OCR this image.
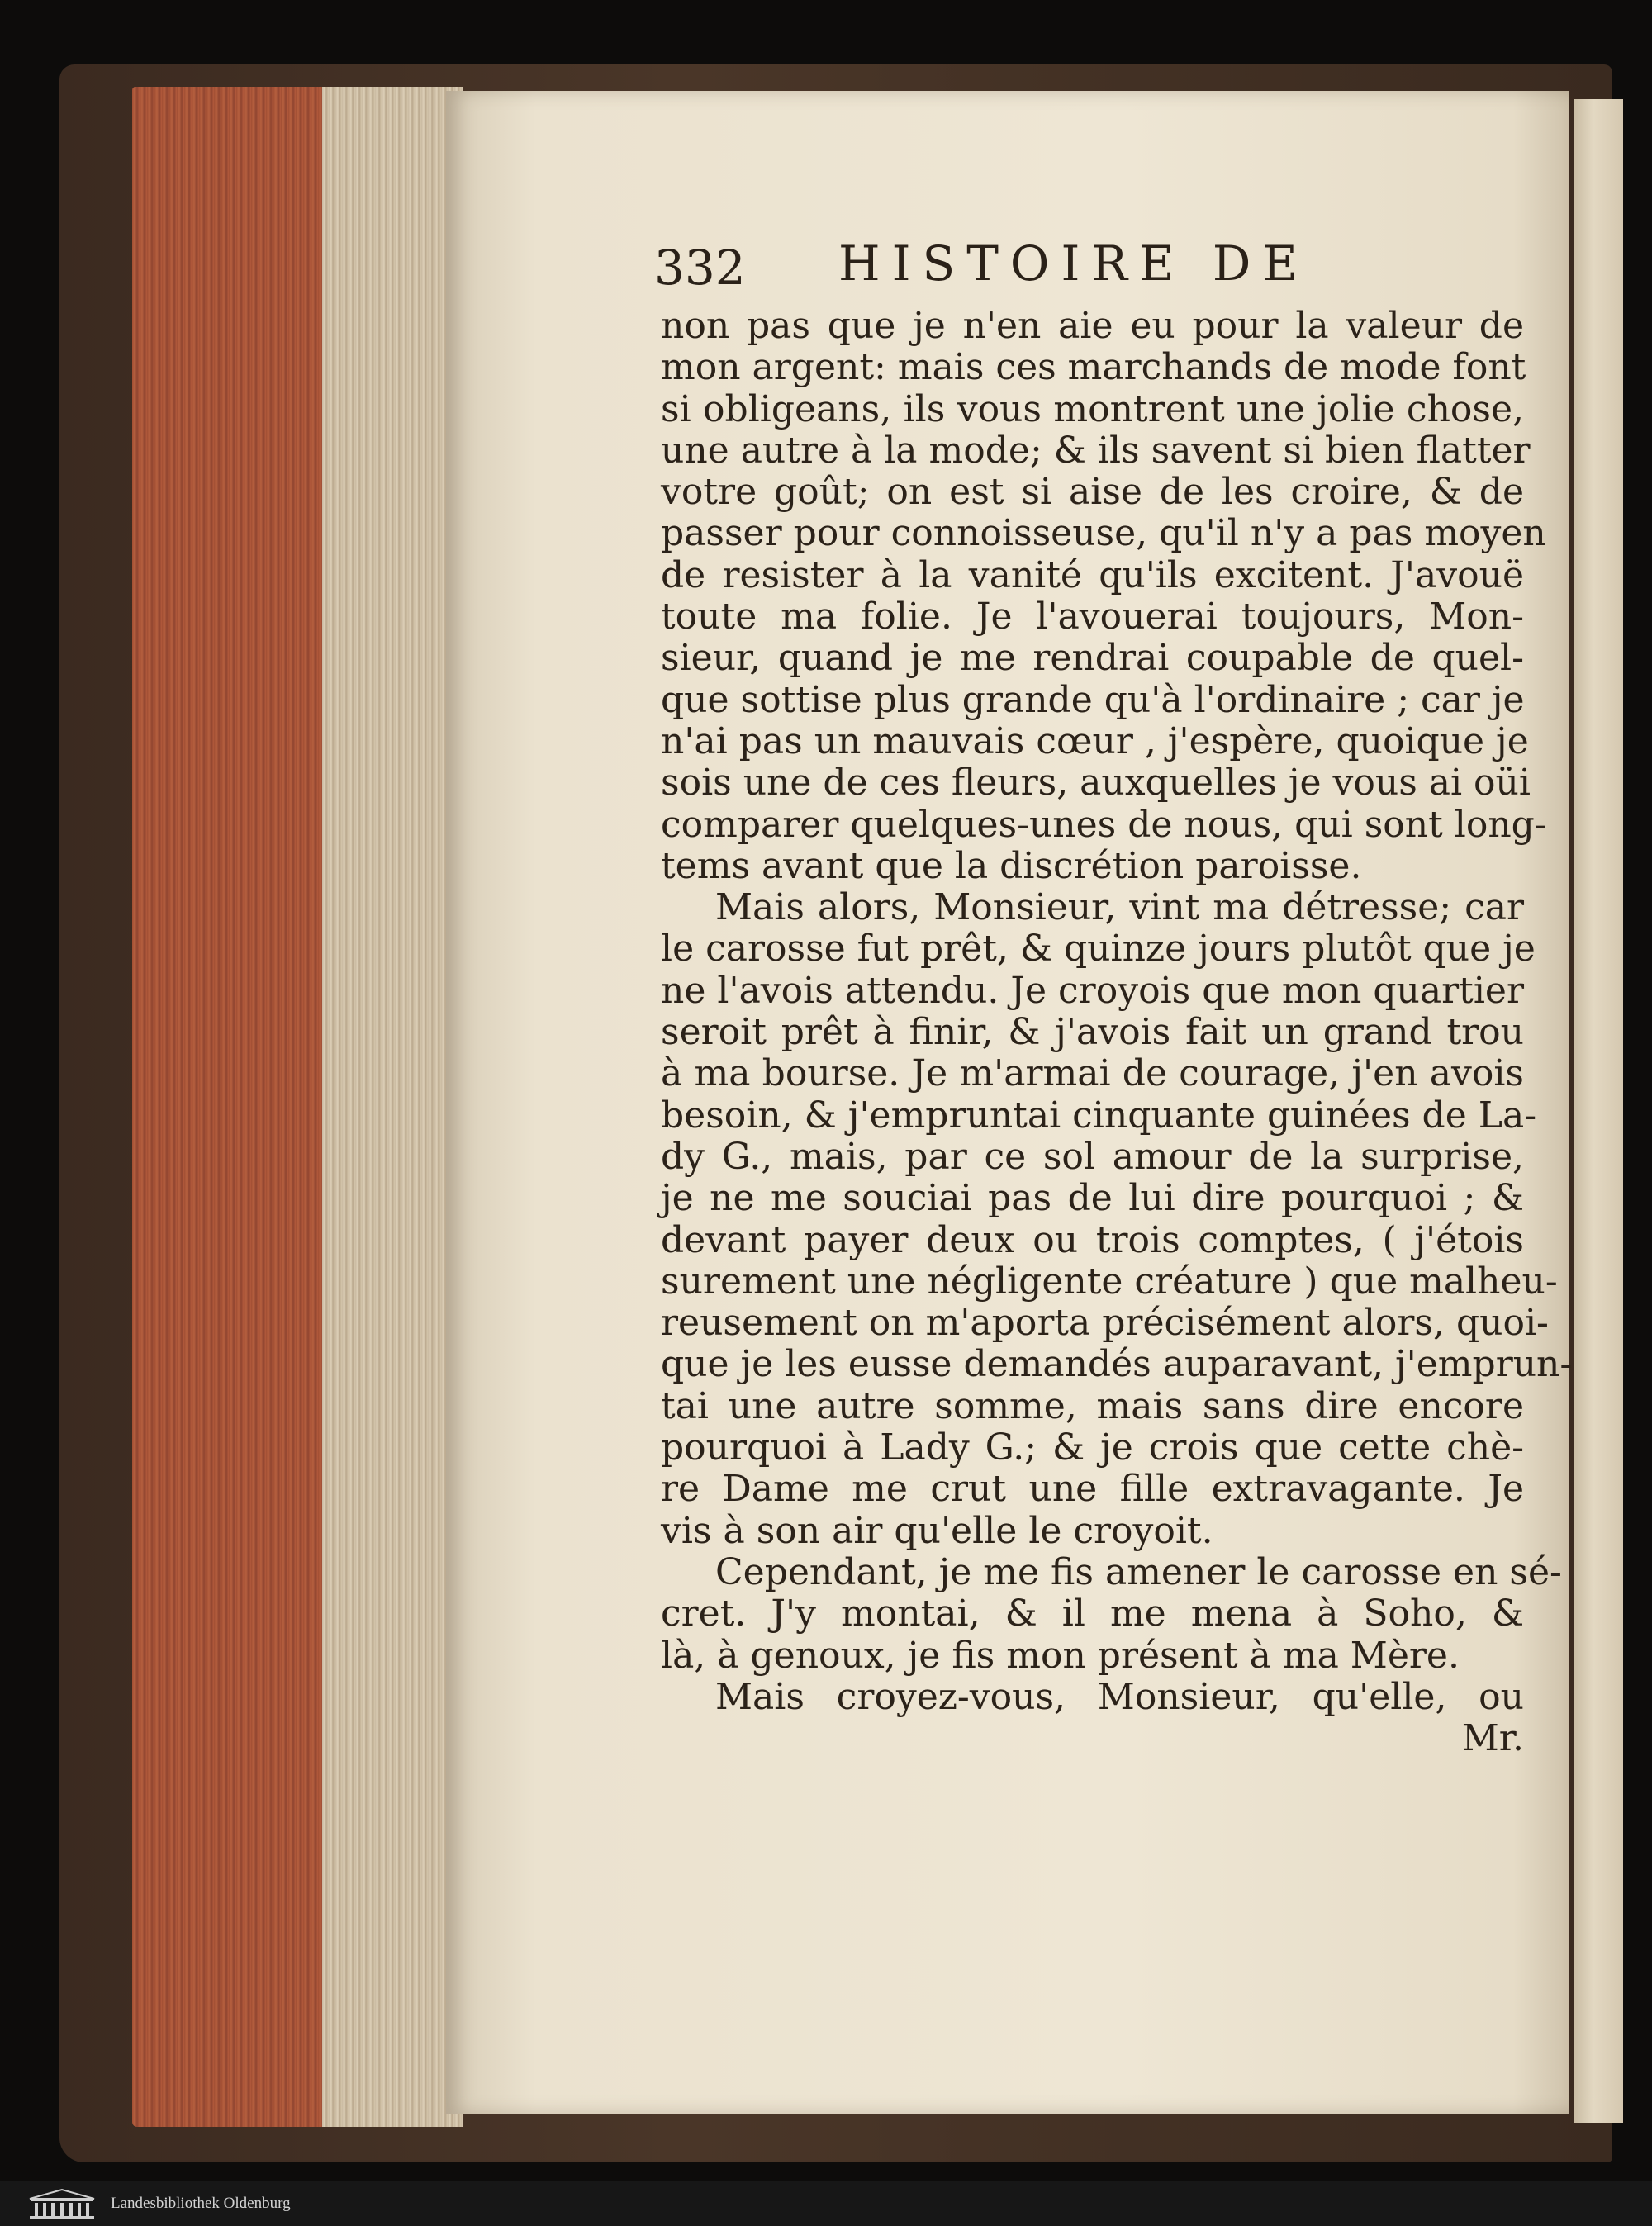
332 HISTOIRE DE
non pas que je n'en aie eu pour la valeur de
mon argent: mais ces marchands de mode font
si obligeans, ils vous montrent une jolie chose,
une autre à la mode; & ils savent si bien flatter
votre goût; on est si aise de les croire, & de
passer pour connoisseuse, qu'il n'y a pas moyen
de resister à la vanité qu'ils excitent. J'avouë
toute ma folie. Je l'avouerai toujours, Mon-
sieur, quand je me rendrai coupable de quel-
que sottise plus grande qu'à l'ordinaire ; car je
n'ai pas un mauvais cœur , j'espère, quoique je
sois une de ces fleurs, auxquelles je vous ai oüi
comparer quelques-unes de nous, qui sont long-
tems avant que la discrétion paroisse.
Mais alors, Monsieur, vint ma détresse; car
le carosse fut prêt, & quinze jours plutôt que je
ne l'avois attendu. Je croyois que mon quartier
seroit prêt à finir, & j'avois fait un grand trou
à ma bourse. Je m'armai de courage, j'en avois
besoin, & j'empruntai cinquante guinées de La-
dy G., mais, par ce sol amour de la surprise,
je ne me souciai pas de lui dire pourquoi ; &
devant payer deux ou trois comptes, ( j'étois
surement une négligente créature ) que malheu-
reusement on m'aporta précisément alors, quoi-
que je les eusse demandés auparavant, j'emprun-
tai une autre somme, mais sans dire encore
pourquoi à Lady G.; & je crois que cette chè-
re Dame me crut une fille extravagante. Je
vis à son air qu'elle le croyoit.
Cependant, je me fis amener le carosse en sé-
cret. J'y montai, & il me mena à Soho, &
là, à genoux, je fis mon présent à ma Mère.
Mais croyez-vous, Monsieur, qu'elle, ou
Mr.
Landesbibliothek Oldenburg
